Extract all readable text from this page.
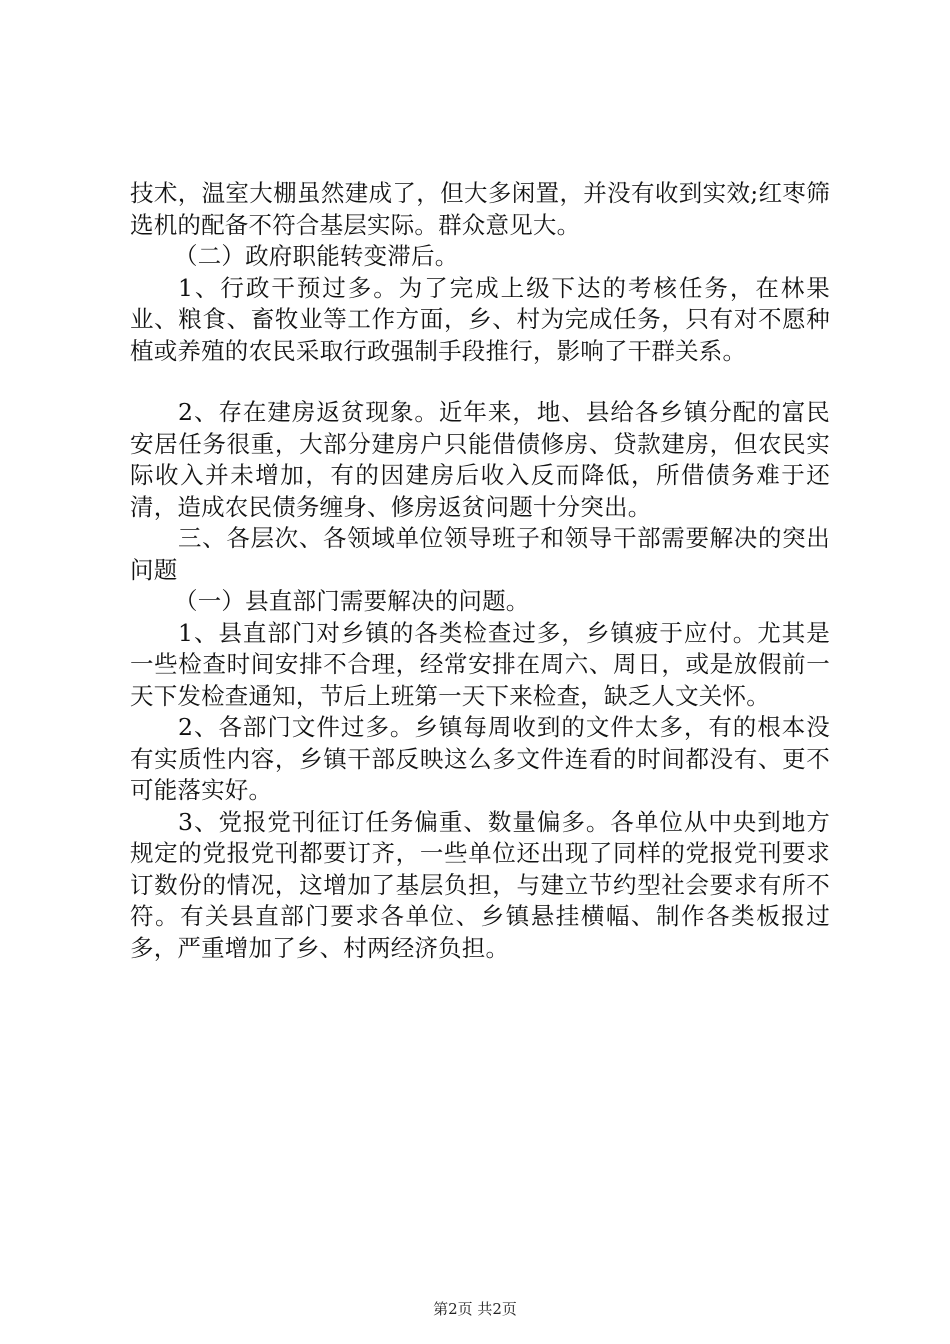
技术，温室大棚虽然建成了，但大多闲置，并没有收到实效;红枣筛选机的配备不符合基层实际。群众意见大。

（二）政府职能转变滞后。

1、行政干预过多。为了完成上级下达的考核任务，在林果业、粮食、畜牧业等工作方面，乡、村为完成任务，只有对不愿种植或养殖的农民采取行政强制手段推行，影响了干群关系。

2、存在建房返贫现象。近年来，地、县给各乡镇分配的富民安居任务很重，大部分建房户只能借债修房、贷款建房，但农民实际收入并未增加，有的因建房后收入反而降低，所借债务难于还清，造成农民债务缠身、修房返贫问题十分突出。

三、各层次、各领域单位领导班子和领导干部需要解决的突出问题

（一）县直部门需要解决的问题。

1、县直部门对乡镇的各类检查过多，乡镇疲于应付。尤其是一些检查时间安排不合理，经常安排在周六、周日，或是放假前一天下发检查通知，节后上班第一天下来检查，缺乏人文关怀。

2、各部门文件过多。乡镇每周收到的文件太多，有的根本没有实质性内容，乡镇干部反映这么多文件连看的时间都没有、更不可能落实好。

3、党报党刊征订任务偏重、数量偏多。各单位从中央到地方规定的党报党刊都要订齐，一些单位还出现了同样的党报党刊要求订数份的情况，这增加了基层负担，与建立节约型社会要求有所不符。有关县直部门要求各单位、乡镇悬挂横幅、制作各类板报过多，严重增加了乡、村两经济负担。

第2页 共2页
